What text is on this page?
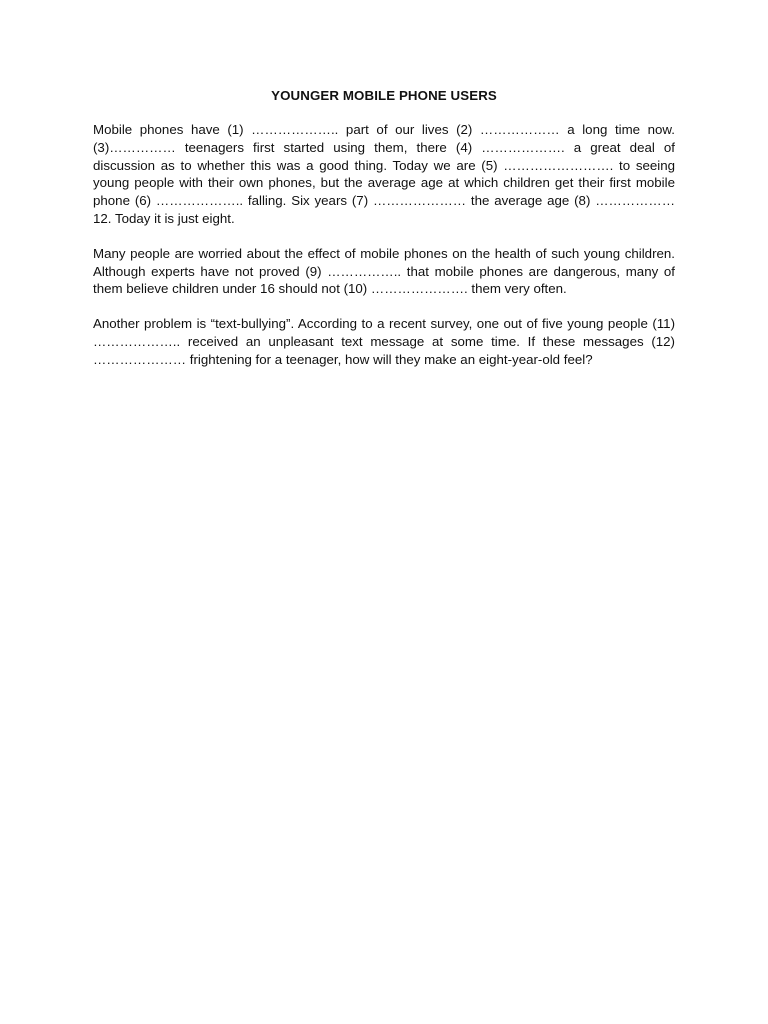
YOUNGER MOBILE PHONE USERS

Mobile phones have (1) ……………….. part of our lives (2) ……………… a long time now. (3)…………… teenagers first started using them, there (4) ………………. a great deal of discussion as to whether this was a good thing. Today we are (5) ……………………. to seeing young people with their own phones, but the average age at which children get their first mobile phone (6) ……………….. falling. Six years (7) ………………… the average age (8) ……………… 12. Today it is just eight.

Many people are worried about the effect of mobile phones on the health of such young children. Although experts have not proved (9) …………….. that mobile phones are dangerous, many of them believe children under 16 should not (10) …………………. them very often.

Another problem is “text-bullying”. According to a recent survey, one out of five young people (11) ……………….. received an unpleasant text message at some time. If these messages (12) ………………… frightening for a teenager, how will they make an eight-year-old feel?
